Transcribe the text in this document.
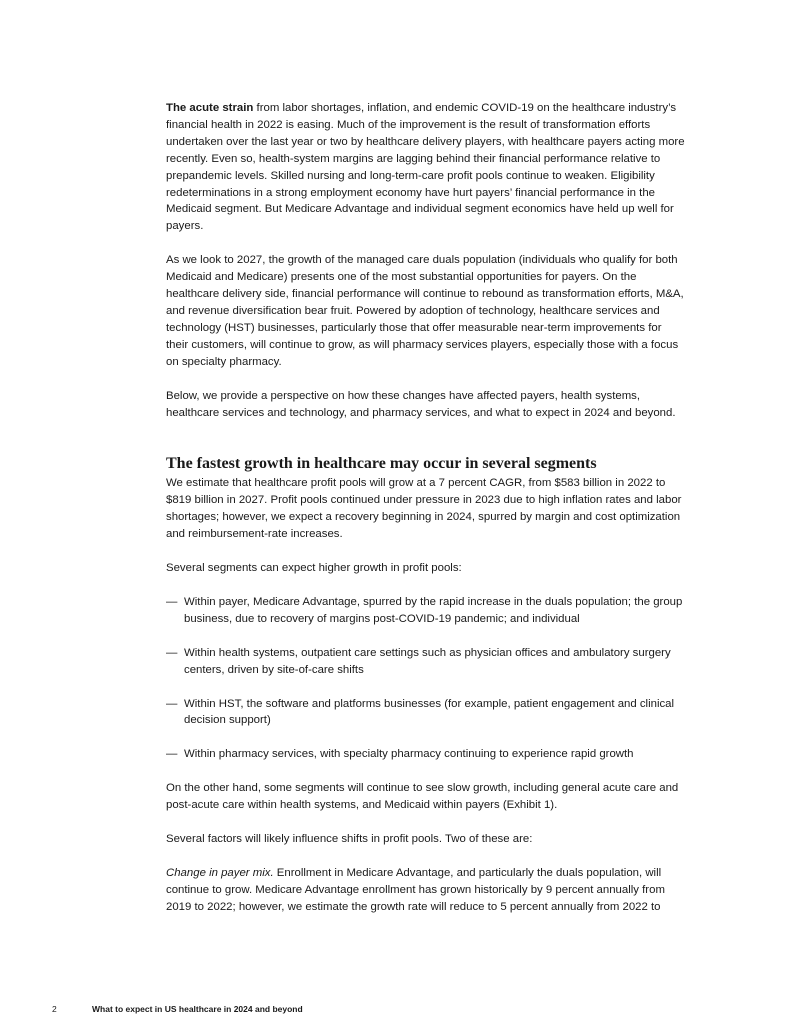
The acute strain from labor shortages, inflation, and endemic COVID-19 on the healthcare industry’s financial health in 2022 is easing. Much of the improvement is the result of transformation efforts undertaken over the last year or two by healthcare delivery players, with healthcare payers acting more recently. Even so, health-system margins are lagging behind their financial performance relative to prepandemic levels. Skilled nursing and long-term-care profit pools continue to weaken. Eligibility redeterminations in a strong employment economy have hurt payers’ financial performance in the Medicaid segment. But Medicare Advantage and individual segment economics have held up well for payers.

As we look to 2027, the growth of the managed care duals population (individuals who qualify for both Medicaid and Medicare) presents one of the most substantial opportunities for payers. On the healthcare delivery side, financial performance will continue to rebound as transformation efforts, M&A, and revenue diversification bear fruit. Powered by adoption of technology, healthcare services and technology (HST) businesses, particularly those that offer measurable near-term improvements for their customers, will continue to grow, as will pharmacy services players, especially those with a focus on specialty pharmacy.

Below, we provide a perspective on how these changes have affected payers, health systems, healthcare services and technology, and pharmacy services, and what to expect in 2024 and beyond.

The fastest growth in healthcare may occur in several segments

We estimate that healthcare profit pools will grow at a 7 percent CAGR, from $583 billion in 2022 to $819 billion in 2027. Profit pools continued under pressure in 2023 due to high inflation rates and labor shortages; however, we expect a recovery beginning in 2024, spurred by margin and cost optimization and reimbursement-rate increases.

Several segments can expect higher growth in profit pools:

— Within payer, Medicare Advantage, spurred by the rapid increase in the duals population; the group business, due to recovery of margins post-COVID-19 pandemic; and individual
— Within health systems, outpatient care settings such as physician offices and ambulatory surgery centers, driven by site-of-care shifts
— Within HST, the software and platforms businesses (for example, patient engagement and clinical decision support)
— Within pharmacy services, with specialty pharmacy continuing to experience rapid growth

On the other hand, some segments will continue to see slow growth, including general acute care and post-acute care within health systems, and Medicaid within payers (Exhibit 1).

Several factors will likely influence shifts in profit pools. Two of these are:

Change in payer mix. Enrollment in Medicare Advantage, and particularly the duals population, will continue to grow. Medicare Advantage enrollment has grown historically by 9 percent annually from 2019 to 2022; however, we estimate the growth rate will reduce to 5 percent annually from 2022 to

2	What to expect in US healthcare in 2024 and beyond
